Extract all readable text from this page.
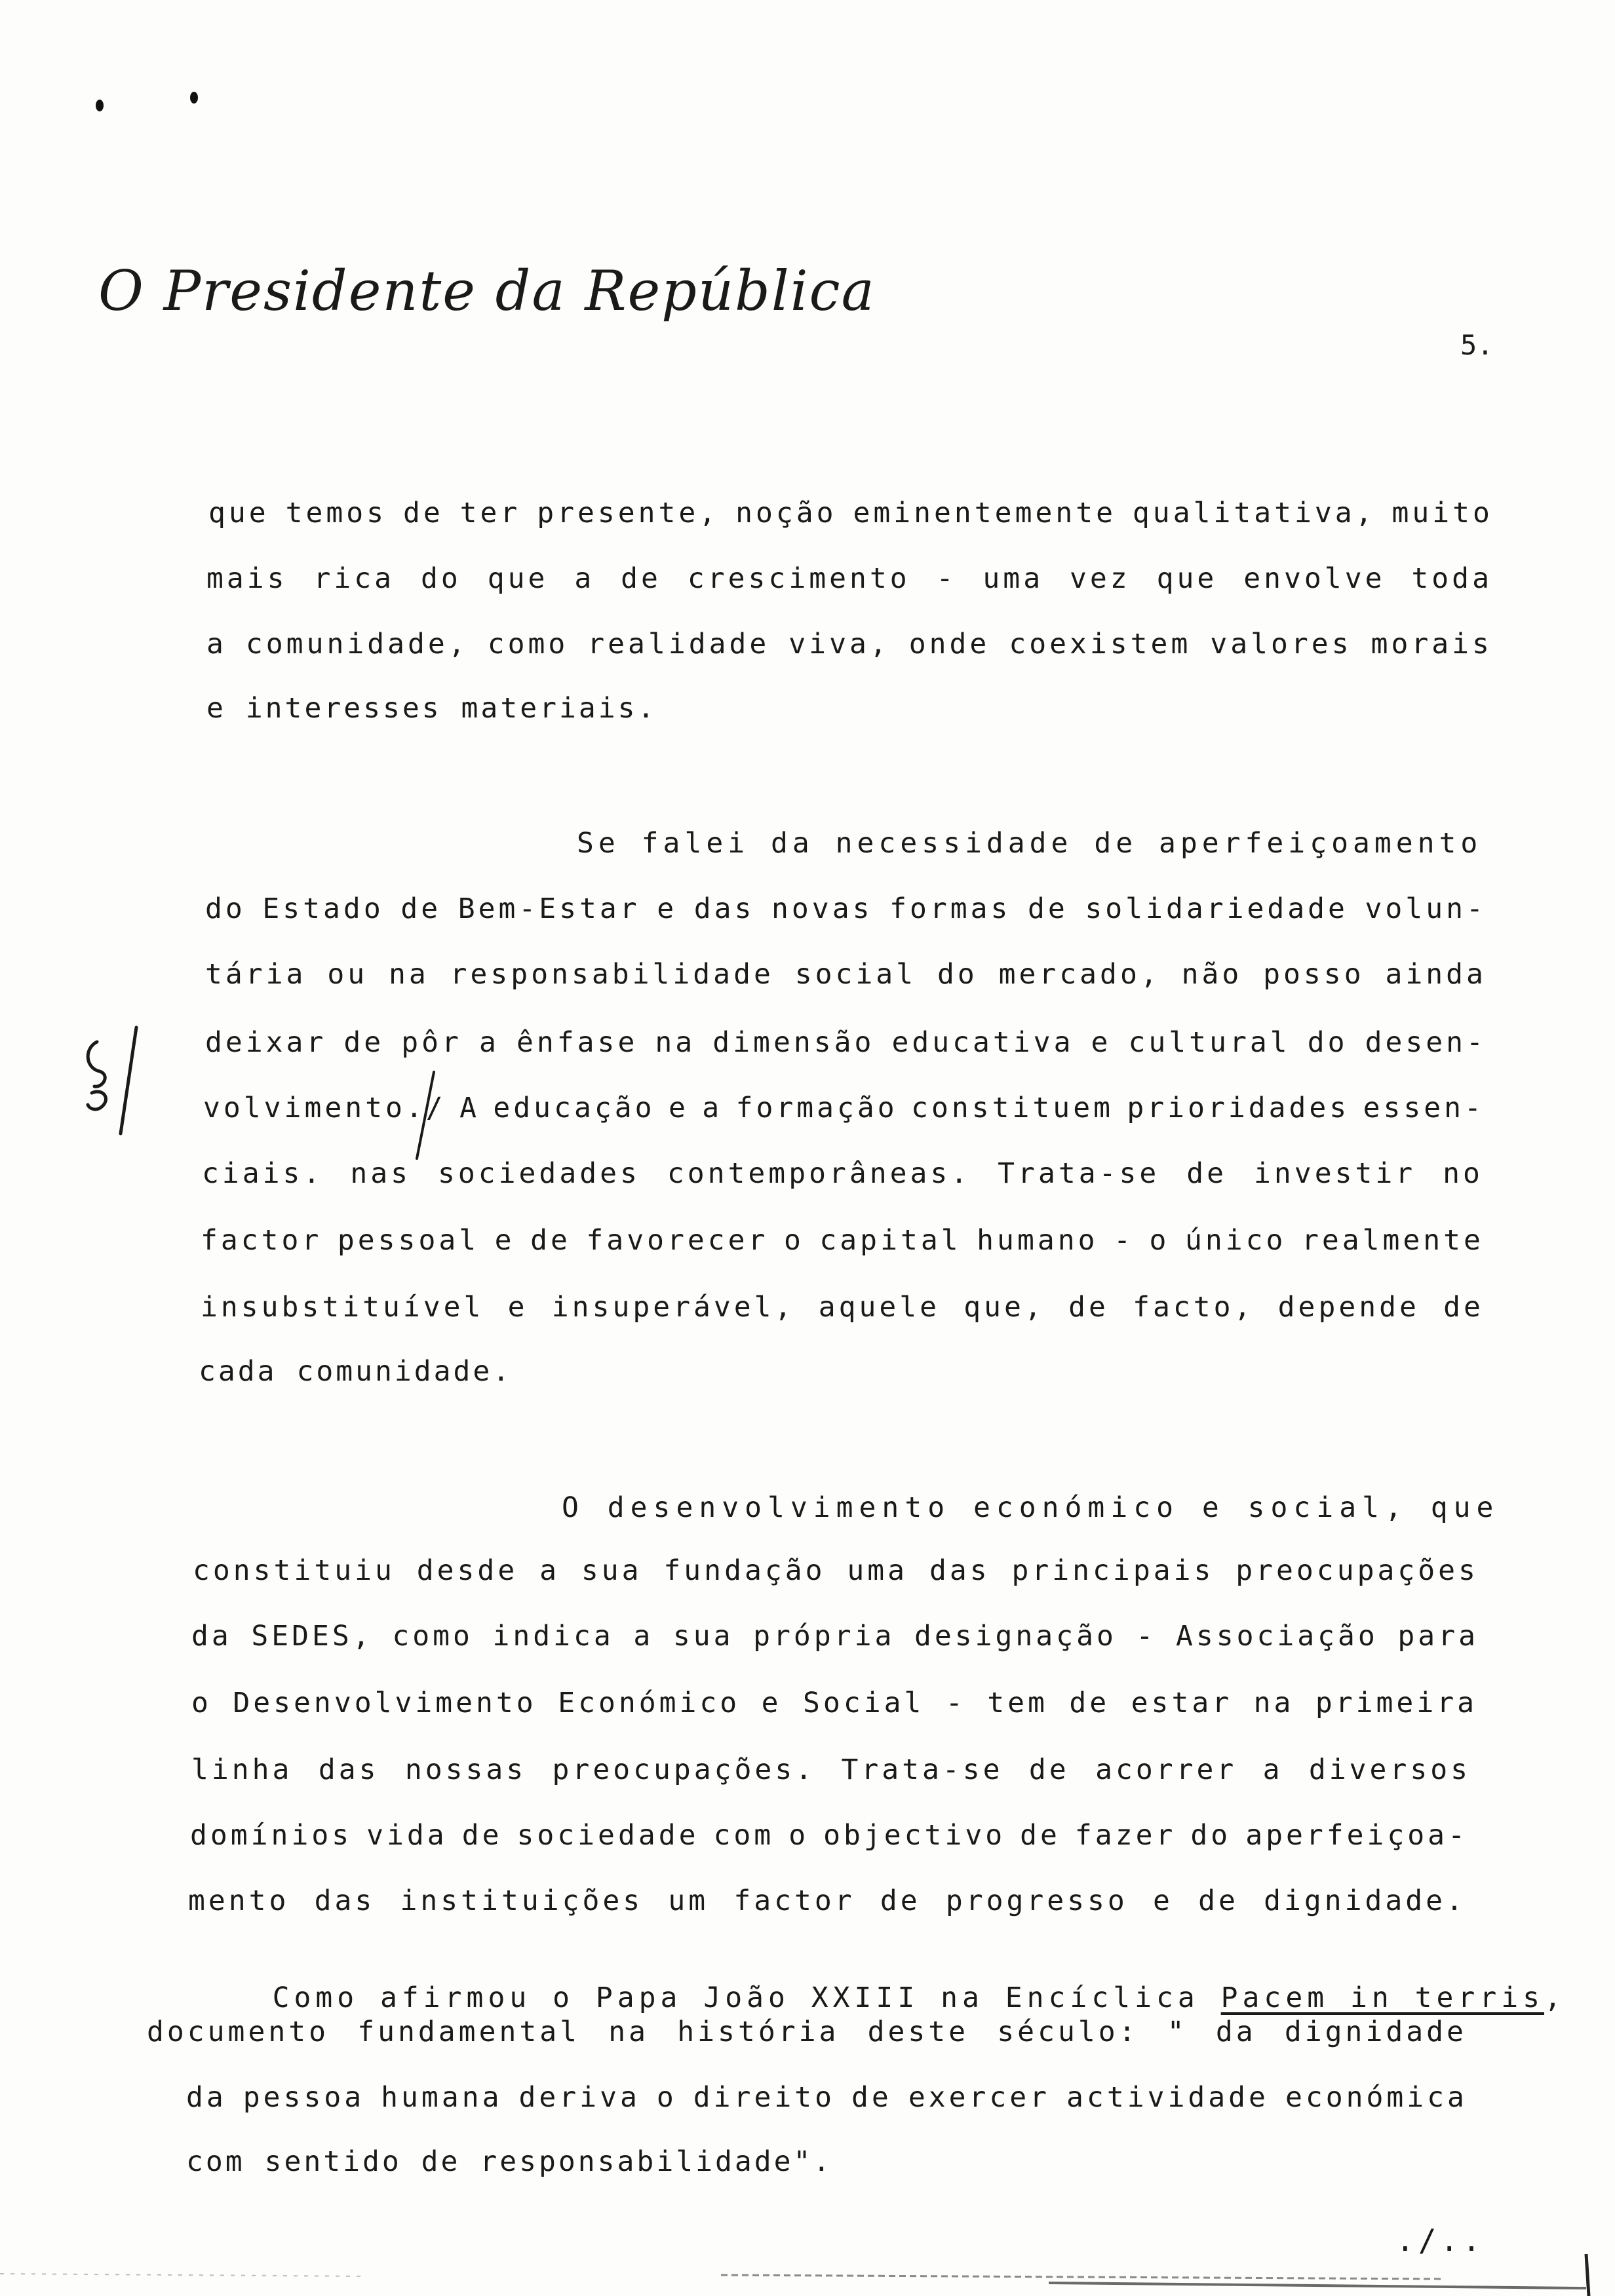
O Presidente da República
5.
que temos de ter presente, noção eminentemente qualitativa, muito
mais rica do que a de crescimento - uma vez que envolve toda
a comunidade, como realidade viva, onde coexistem valores morais
e interesses materiais.
Se falei da necessidade de aperfeiçoamento
do Estado de Bem-Estar e das novas formas de solidariedade volun-
tária ou na responsabilidade social do mercado, não posso ainda
deixar de pôr a ênfase na dimensão educativa e cultural do desen-
volvimento./ A educação e a formação constituem prioridades essen-
ciais. nas sociedades contemporâneas. Trata-se de investir no
factor pessoal e de favorecer o capital humano - o único realmente
insubstituível e insuperável, aquele que, de facto, depende de
cada comunidade.
O desenvolvimento económico e social, que
constituiu desde a sua fundação uma das principais preocupações
da SEDES, como indica a sua própria designação - Associação para
o Desenvolvimento Económico e Social - tem de estar na primeira
linha das nossas preocupações. Trata-se de acorrer a diversos
domínios vida de sociedade com o objectivo de fazer do aperfeiçoa-
mento das instituições um factor de progresso e de dignidade.

Como afirmou o Papa João XXIII na Encíclica Pacem in terris,

documento fundamental na história deste século: " da dignidade
da pessoa humana deriva o direito de exercer actividade económica
com sentido de responsabilidade".
./..
